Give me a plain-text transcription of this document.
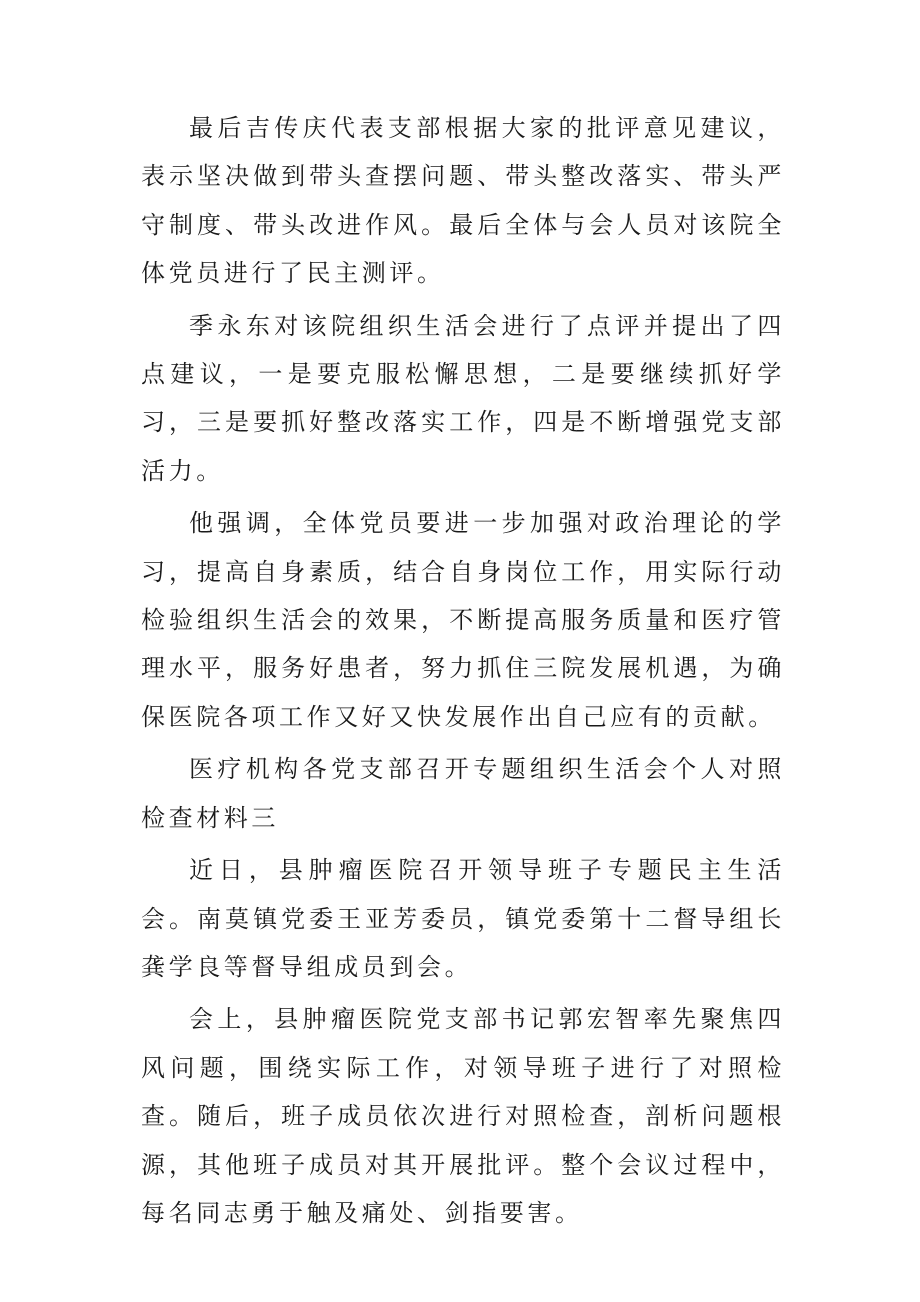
最后吉传庆代表支部根据大家的批评意见建议，表示坚决做到带头查摆问题、带头整改落实、带头严守制度、带头改进作风。最后全体与会人员对该院全体党员进行了民主测评。

季永东对该院组织生活会进行了点评并提出了四点建议，一是要克服松懈思想，二是要继续抓好学习，三是要抓好整改落实工作，四是不断增强党支部活力。

他强调，全体党员要进一步加强对政治理论的学习，提高自身素质，结合自身岗位工作，用实际行动检验组织生活会的效果，不断提高服务质量和医疗管理水平，服务好患者，努力抓住三院发展机遇，为确保医院各项工作又好又快发展作出自己应有的贡献。

医疗机构各党支部召开专题组织生活会个人对照检查材料三

近日，县肿瘤医院召开领导班子专题民主生活会。南莫镇党委王亚芳委员，镇党委第十二督导组长龚学良等督导组成员到会。

会上，县肿瘤医院党支部书记郭宏智率先聚焦四风问题，围绕实际工作，对领导班子进行了对照检查。随后，班子成员依次进行对照检查，剖析问题根源，其他班子成员对其开展批评。整个会议过程中，每名同志勇于触及痛处、剑指要害。
